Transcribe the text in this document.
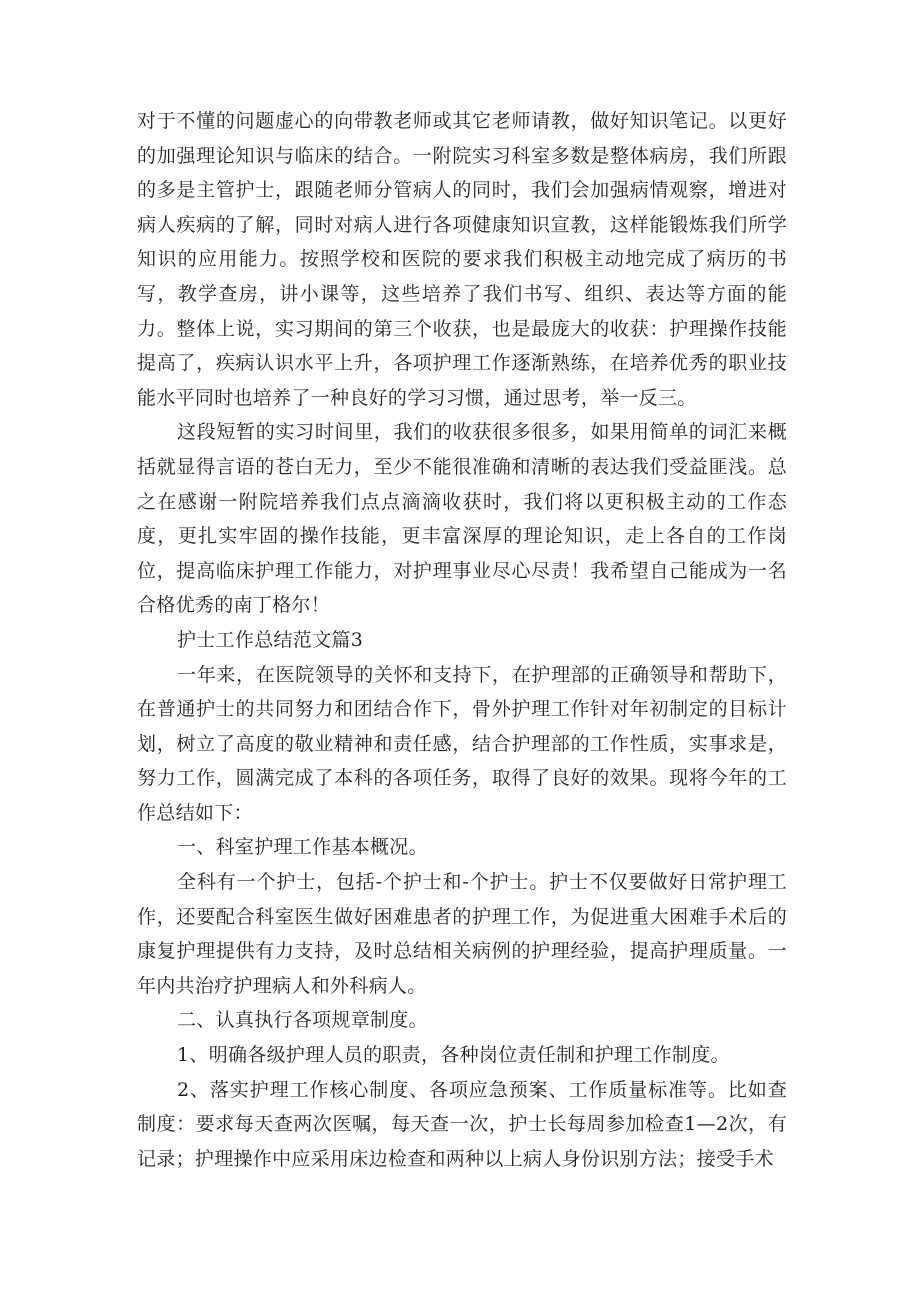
对于不懂的问题虚心的向带教老师或其它老师请教，做好知识笔记。以更好的加强理论知识与临床的结合。一附院实习科室多数是整体病房，我们所跟的多是主管护士，跟随老师分管病人的同时，我们会加强病情观察，增进对病人疾病的了解，同时对病人进行各项健康知识宣教，这样能锻炼我们所学知识的应用能力。按照学校和医院的要求我们积极主动地完成了病历的书写，教学查房，讲小课等，这些培养了我们书写、组织、表达等方面的能力。整体上说，实习期间的第三个收获，也是最庞大的收获：护理操作技能提高了，疾病认识水平上升，各项护理工作逐渐熟练，在培养优秀的职业技能水平同时也培养了一种良好的学习习惯，通过思考，举一反三。

这段短暂的实习时间里，我们的收获很多很多，如果用简单的词汇来概括就显得言语的苍白无力，至少不能很准确和清晰的表达我们受益匪浅。总之在感谢一附院培养我们点点滴滴收获时，我们将以更积极主动的工作态度，更扎实牢固的操作技能，更丰富深厚的理论知识，走上各自的工作岗位，提高临床护理工作能力，对护理事业尽心尽责！我希望自己能成为一名合格优秀的南丁格尔！

护士工作总结范文篇3

一年来，在医院领导的关怀和支持下，在护理部的正确领导和帮助下，在普通护士的共同努力和团结合作下，骨外护理工作针对年初制定的目标计划，树立了高度的敬业精神和责任感，结合护理部的工作性质，实事求是，努力工作，圆满完成了本科的各项任务，取得了良好的效果。现将今年的工作总结如下：

一、科室护理工作基本概况。

全科有一个护士，包括-个护士和-个护士。护士不仅要做好日常护理工作，还要配合科室医生做好困难患者的护理工作，为促进重大困难手术后的康复护理提供有力支持，及时总结相关病例的护理经验，提高护理质量。一年内共治疗护理病人和外科病人。

二、认真执行各项规章制度。

1、明确各级护理人员的职责，各种岗位责任制和护理工作制度。

2、落实护理工作核心制度、各项应急预案、工作质量标准等。比如查制度：要求每天查两次医嘱，每天查一次，护士长每周参加检查1—2次，有记录；护理操作中应采用床边检查和两种以上病人身份识别方法；接受手术
